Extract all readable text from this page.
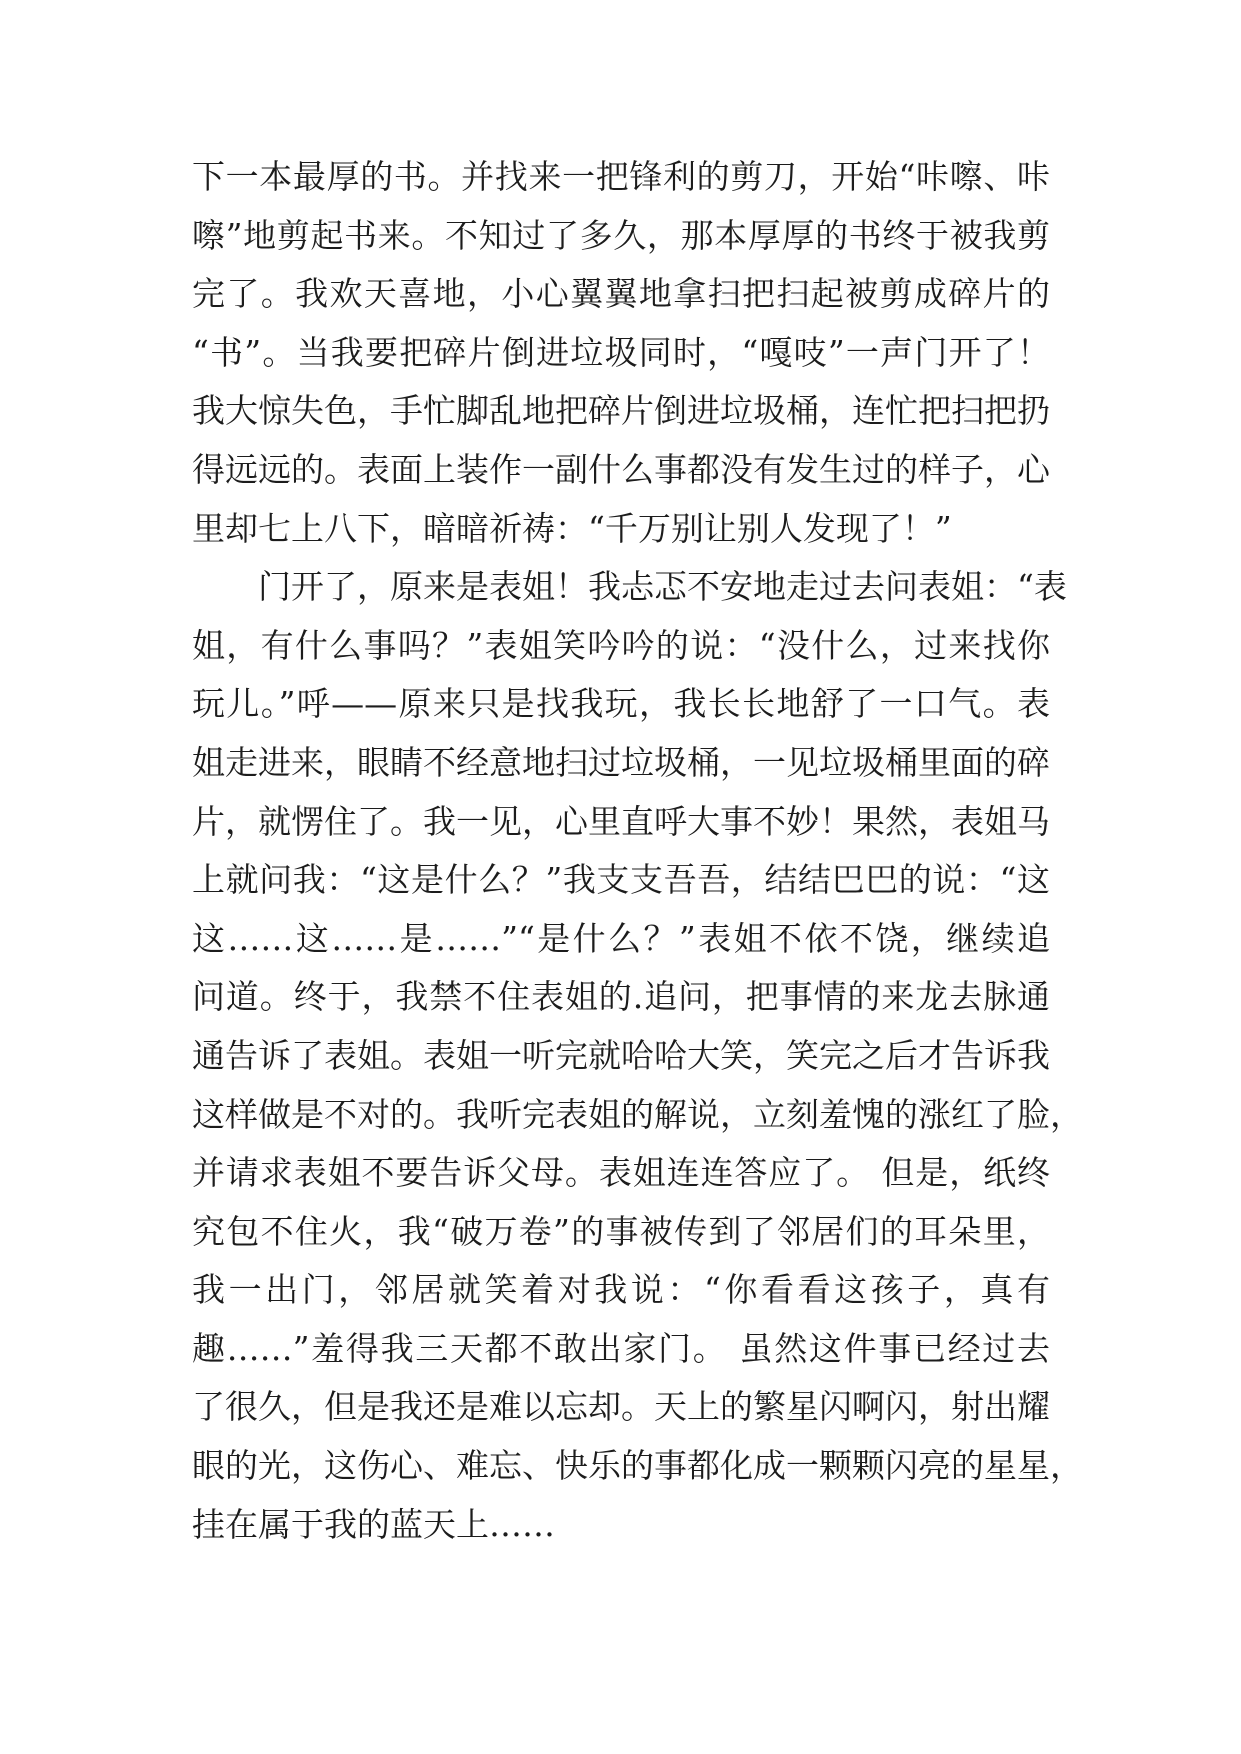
下一本最厚的书。并找来一把锋利的剪刀，开始“咔嚓、咔
嚓”地剪起书来。不知过了多久，那本厚厚的书终于被我剪
完了。我欢天喜地，小心翼翼地拿扫把扫起被剪成碎片的
“书”。当我要把碎片倒进垃圾同时，“嘎吱”一声门开了！
我大惊失色，手忙脚乱地把碎片倒进垃圾桶，连忙把扫把扔
得远远的。表面上装作一副什么事都没有发生过的样子，心
里却七上八下，暗暗祈祷：“千万别让别人发现了！”
　　门开了，原来是表姐！我忐忑不安地走过去问表姐：“表
姐，有什么事吗？”表姐笑吟吟的说：“没什么，过来找你
玩儿。”呼——原来只是找我玩，我长长地舒了一口气。表
姐走进来，眼睛不经意地扫过垃圾桶，一见垃圾桶里面的碎
片，就愣住了。我一见，心里直呼大事不妙！果然，表姐马
上就问我：“这是什么？”我支支吾吾，结结巴巴的说：“这
这……这……是……”“是什么？”表姐不依不饶，继续追
问道。终于，我禁不住表姐的.追问，把事情的来龙去脉通
通告诉了表姐。表姐一听完就哈哈大笑，笑完之后才告诉我
这样做是不对的。我听完表姐的解说，立刻羞愧的涨红了脸，
并请求表姐不要告诉父母。表姐连连答应了。 但是，纸终
究包不住火，我“破万卷”的事被传到了邻居们的耳朵里，
我一出门，邻居就笑着对我说：“你看看这孩子，真有
趣……”羞得我三天都不敢出家门。 虽然这件事已经过去
了很久，但是我还是难以忘却。天上的繁星闪啊闪，射出耀
眼的光，这伤心、难忘、快乐的事都化成一颗颗闪亮的星星，
挂在属于我的蓝天上……
